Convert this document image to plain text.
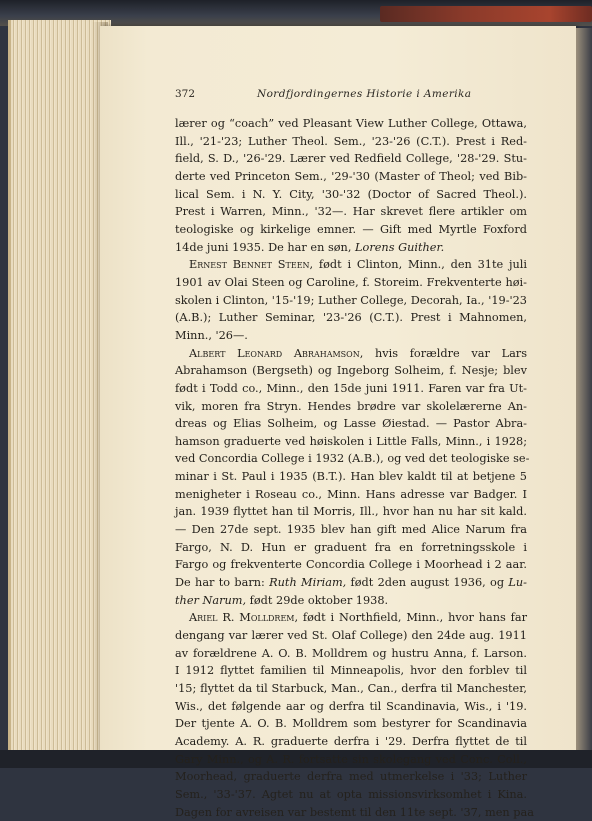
372	Nordfjordingernes Historie i Amerika
lærer og “coach” ved Pleasant View Luther College, Ottawa,
Ill., '21-'23; Luther Theol. Sem., '23-'26 (C.T.). Prest i Red-
field, S. D., '26-'29. Lærer ved Redfield College, '28-'29. Stu-
derte ved Princeton Sem., '29-'30 (Master of Theol; ved Bib-
lical Sem. i N. Y. City, '30-'32 (Doctor of Sacred Theol.).
Prest i Warren, Minn., '32—. Har skrevet flere artikler om
teologiske og kirkelige emner. — Gift med Myrtle Foxford
14de juni 1935. De har en søn, Lorens Guither.
Ernest Bennet Steen, født i Clinton, Minn., den 31te juli
1901 av Olai Steen og Caroline, f. Storeim. Frekventerte høi-
skolen i Clinton, '15-'19; Luther College, Decorah, Ia., '19-'23
(A.B.); Luther Seminar, '23-'26 (C.T.). Prest i Mahnomen,
Minn., '26—.
Albert Leonard Abrahamson, hvis forældre var Lars
Abrahamson (Bergseth) og Ingeborg Solheim, f. Nesje; blev
født i Todd co., Minn., den 15de juni 1911. Faren var fra Ut-
vik, moren fra Stryn. Hendes brødre var skolelærerne An-
dreas og Elias Solheim, og Lasse Øiestad. — Pastor Abra-
hamson graduerte ved høiskolen i Little Falls, Minn., i 1928;
ved Concordia College i 1932 (A.B.), og ved det teologiske se-
minar i St. Paul i 1935 (B.T.). Han blev kaldt til at betjene 5
menigheter i Roseau co., Minn. Hans adresse var Badger. I
jan. 1939 flyttet han til Morris, Ill., hvor han nu har sit kald.
— Den 27de sept. 1935 blev han gift med Alice Narum fra
Fargo, N. D. Hun er graduent fra en forretningsskole i
Fargo og frekventerte Concordia College i Moorhead i 2 aar.
De har to barn: Ruth Miriam, født 2den august 1936, og Lu-
ther Narum, født 29de oktober 1938.
Ariel R. Molldrem, født i Northfield, Minn., hvor hans far
dengang var lærer ved St. Olaf College) den 24de aug. 1911
av forældrene A. O. B. Molldrem og hustru Anna, f. Larson.
I 1912 flyttet familien til Minneapolis, hvor den forblev til
'15; flyttet da til Starbuck, Man., Can., derfra til Manchester,
Wis., det følgende aar og derfra til Scandinavia, Wis., i '19.
Der tjente A. O. B. Molldrem som bestyrer for Scandinavia
Academy. A. R. graduerte derfra i '29. Derfra flyttet de til
Gary Minn., og A. R. fortsatte sin skolegang ved Conc. Coll.,
Moorhead, graduerte derfra med utmerkelse i '33; Luther
Sem., '33-'37. Agtet nu at opta missionsvirksomhet i Kina.
Dagen for avreisen var bestemt til den 11te sept. '37, men paa
